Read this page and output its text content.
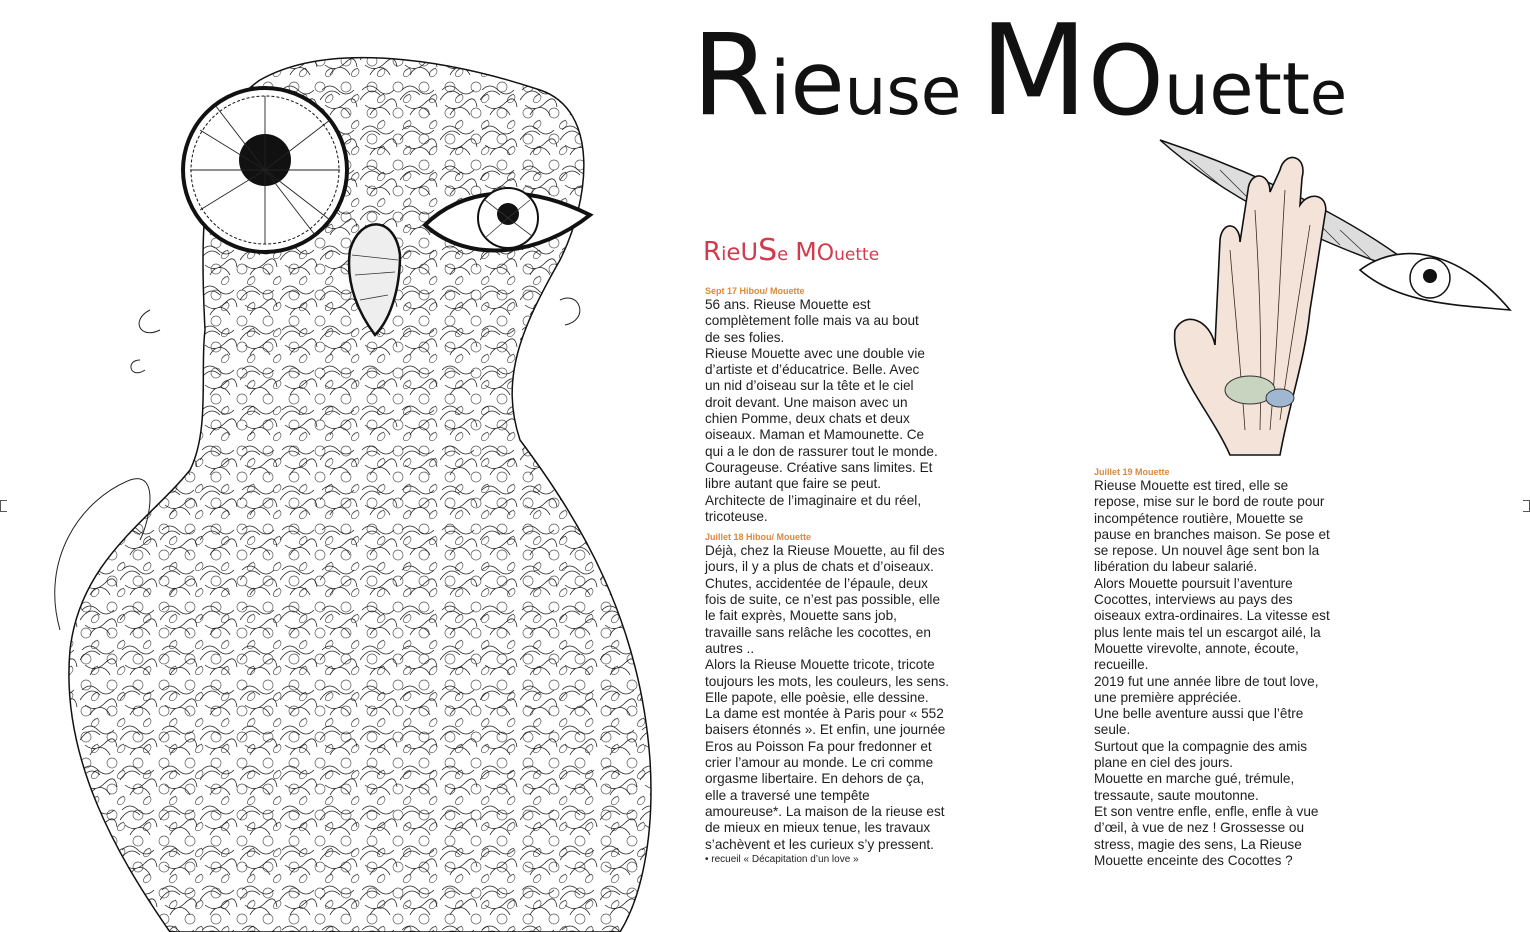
Rieuse MOuette
RieUSe MOuette

Sept 17 Hibou/ Mouette

56 ans. Rieuse Mouette est

complètement folle mais va au bout

de ses folies.

Rieuse Mouette avec une double vie

d’artiste et d’éducatrice. Belle. Avec

un nid d’oiseau sur la tête et le ciel

droit devant. Une maison avec un

chien Pomme, deux chats et deux

oiseaux. Maman et Mamounette. Ce

qui a le don de rassurer tout le monde.

Courageuse. Créative sans limites. Et

libre autant que faire se peut.

Architecte de l’imaginaire et du réel,

tricoteuse.

Juillet 18 Hibou/ Mouette

Déjà, chez la Rieuse Mouette, au fil des

jours, il y a plus de chats et d’oiseaux.

Chutes, accidentée de l’épaule, deux

fois de suite, ce n’est pas possible, elle

le fait exprès, Mouette sans job,

travaille sans relâche les cocottes, en

autres ..

Alors la Rieuse Mouette tricote, tricote

toujours les mots, les couleurs, les sens.

Elle papote, elle poèsie, elle dessine.

La dame est montée à Paris pour « 552

baisers étonnés ». Et enfin, une journée

Eros au Poisson Fa pour fredonner et

crier l’amour au monde. Le cri comme

orgasme libertaire. En dehors de ça,

elle a traversé une tempête

amoureuse*. La maison de la rieuse est

de mieux en mieux tenue, les travaux

s’achèvent et les curieux s’y pressent.

• recueil « Décapitation d’un love »

Juillet 19 Mouette

Rieuse Mouette est tired, elle se

repose, mise sur le bord de route pour

incompétence routière, Mouette se

pause en branches maison. Se pose et

se repose. Un nouvel âge sent bon la

libération du labeur salarié.

Alors Mouette poursuit l’aventure

Cocottes, interviews au pays des

oiseaux extra-ordinaires. La vitesse est

plus lente mais tel un escargot ailé, la

Mouette virevolte, annote, écoute,

recueille.

2019 fut une année libre de tout love,

une première appréciée.

Une belle aventure aussi que l’être

seule.

Surtout que la compagnie des amis

plane en ciel des jours.

Mouette en marche gué, trémule,

tressaute, saute moutonne.

Et son ventre enfle, enfle, enfle à vue

d’œil, à vue de nez ! Grossesse ou

stress, magie des sens, La Rieuse

Mouette enceinte des Cocottes ?
